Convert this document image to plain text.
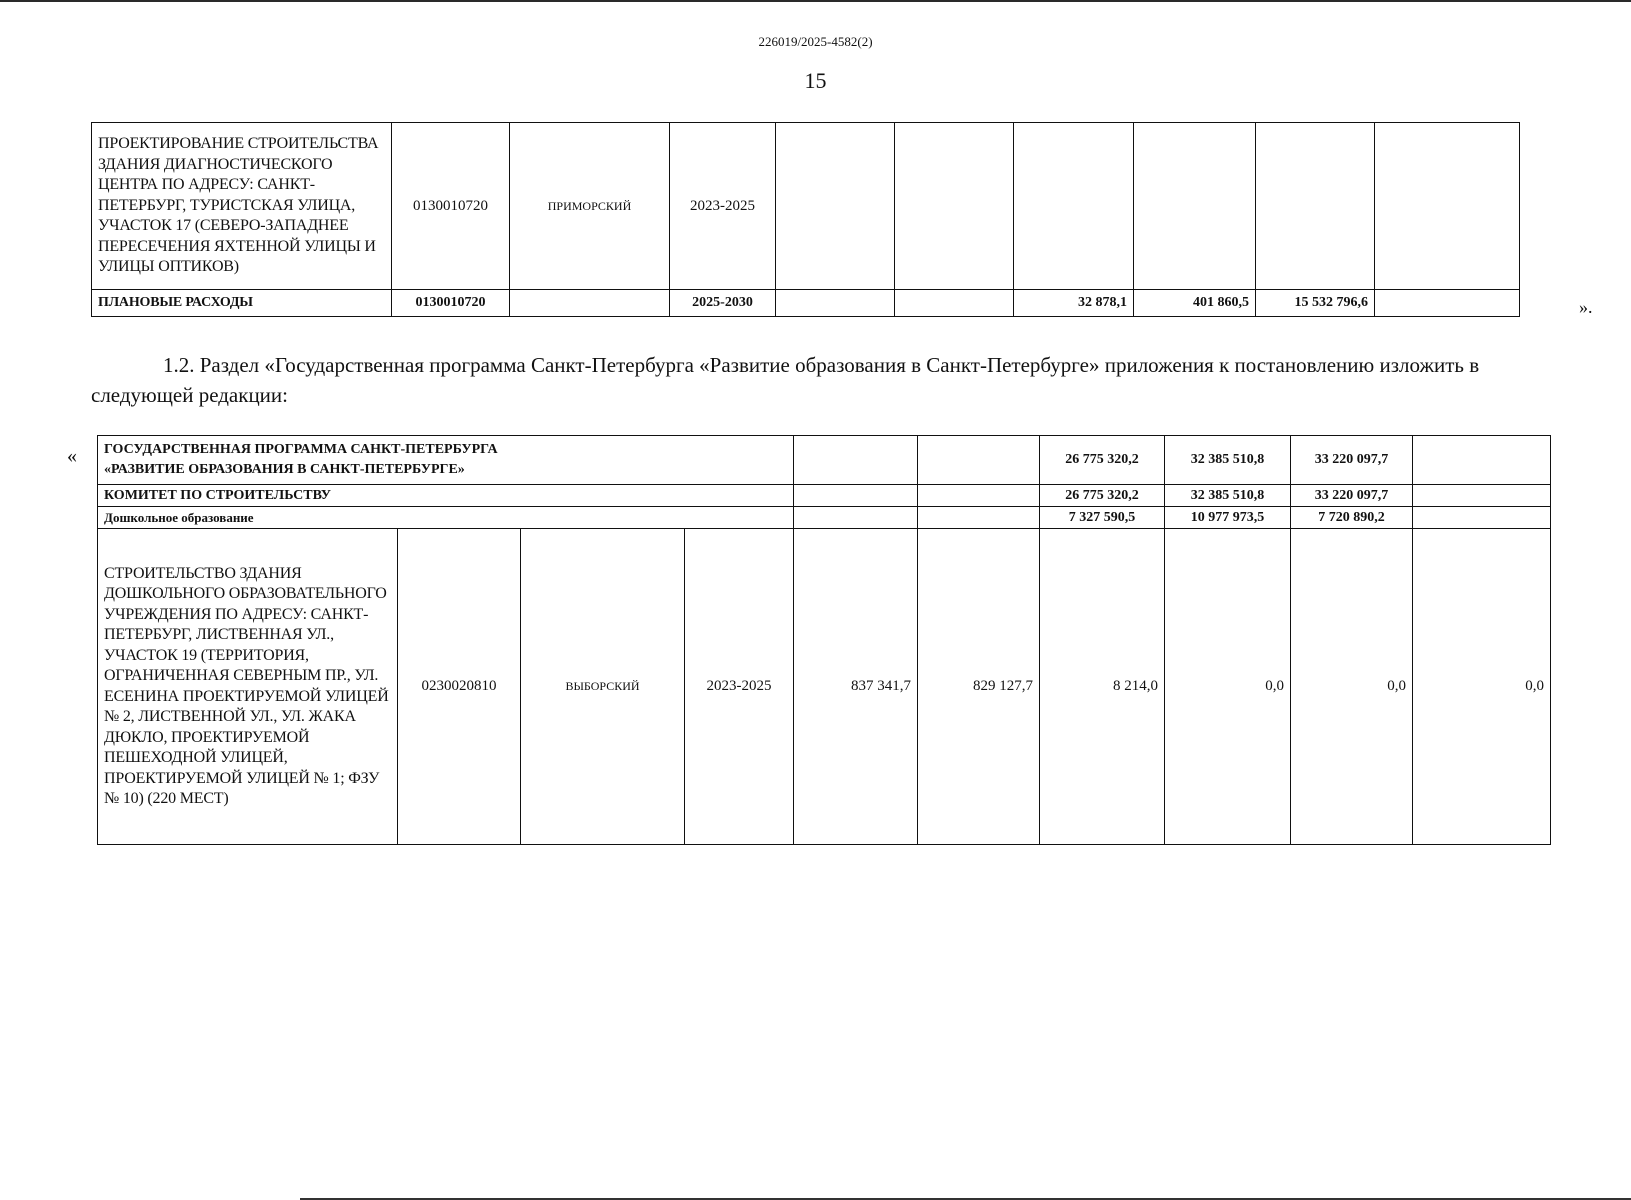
226019/2025-4582(2)
15
ПРОЕКТИРОВАНИЕ СТРОИТЕЛЬСТВА ЗДАНИЯ ДИАГНОСТИЧЕСКОГО ЦЕНТРА ПО АДРЕСУ: САНКТ-ПЕТЕРБУРГ, ТУРИСТСКАЯ УЛИЦА, УЧАСТОК 17 (СЕВЕРО-ЗАПАДНЕЕ ПЕРЕСЕЧЕНИЯ ЯХТЕННОЙ УЛИЦЫ И УЛИЦЫ ОПТИКОВ)	0130010720	ПРИМОРСКИЙ	2023-2025						
ПЛАНОВЫЕ РАСХОДЫ	0130010720		2025-2030			32 878,1	401 860,5	15 532 796,6		».
1.2. Раздел «Государственная программа Санкт-Петербурга «Развитие образования в Санкт-Петербурге» приложения к постановлению изложить в следующей редакции:
« ГОСУДАРСТВЕННАЯ ПРОГРАММА САНКТ-ПЕТЕРБУРГА
«РАЗВИТИЕ ОБРАЗОВАНИЯ В САНКТ-ПЕТЕРБУРГЕ»						26 775 320,2	32 385 510,8	33 220 097,7	
КОМИТЕТ ПО СТРОИТЕЛЬСТВУ						26 775 320,2	32 385 510,8	33 220 097,7	
Дошкольное образование						7 327 590,5	10 977 973,5	7 720 890,2	
СТРОИТЕЛЬСТВО ЗДАНИЯ ДОШКОЛЬНОГО ОБРАЗОВАТЕЛЬНОГО УЧРЕЖДЕНИЯ ПО АДРЕСУ: САНКТ-ПЕТЕРБУРГ, ЛИСТВЕННАЯ УЛ., УЧАСТОК 19 (ТЕРРИТОРИЯ, ОГРАНИЧЕННАЯ СЕВЕРНЫМ ПР., УЛ. ЕСЕНИНА ПРОЕКТИРУЕМОЙ УЛИЦЕЙ № 2, ЛИСТВЕННОЙ УЛ., УЛ. ЖАКА ДЮКЛО, ПРОЕКТИРУЕМОЙ ПЕШЕХОДНОЙ УЛИЦЕЙ, ПРОЕКТИРУЕМОЙ УЛИЦЕЙ № 1; ФЗУ № 10) (220 МЕСТ)	0230020810	ВЫБОРСКИЙ	2023-2025	837 341,7	829 127,7	8 214,0	0,0	0,0	0,0
